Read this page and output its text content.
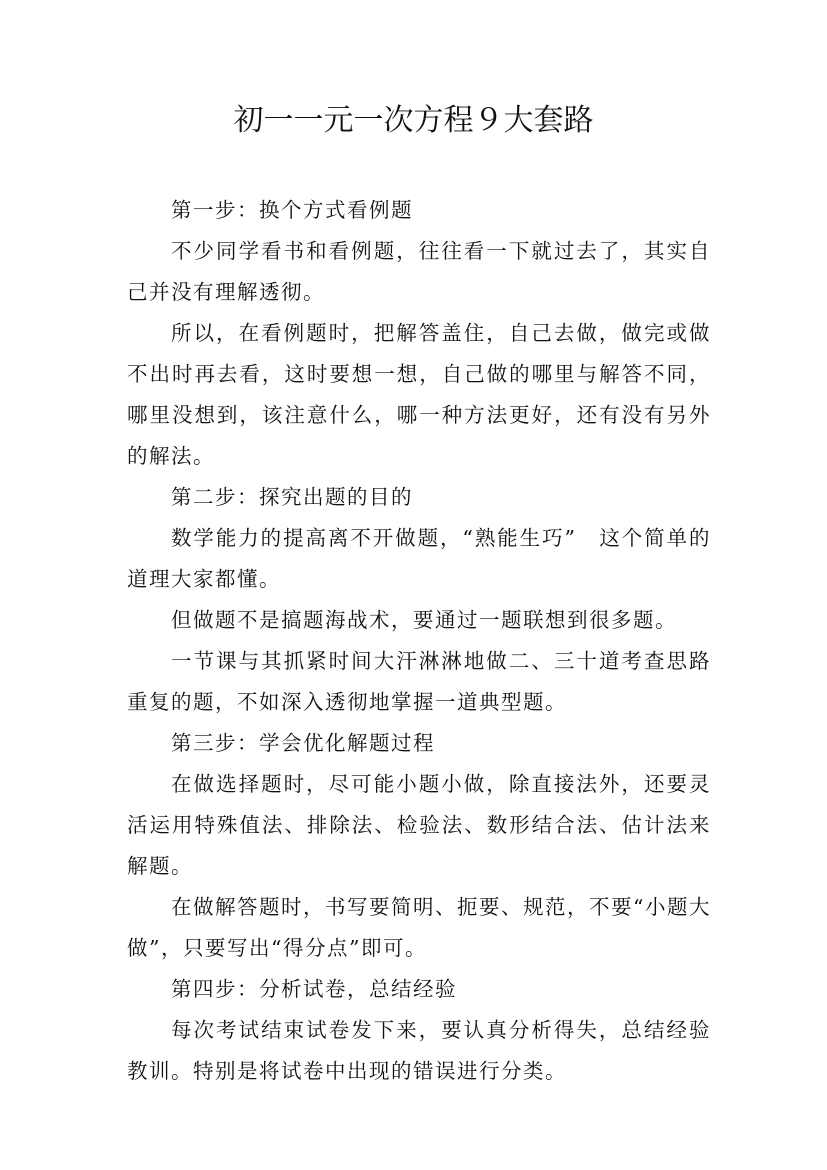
初一一元一次方程９大套路

第一步：换个方式看例题

不少同学看书和看例题，往往看一下就过去了，其实自己并没有理解透彻。

所以，在看例题时，把解答盖住，自己去做，做完或做不出时再去看，这时要想一想，自己做的哪里与解答不同，哪里没想到，该注意什么，哪一种方法更好，还有没有另外的解法。

第二步：探究出题的目的

数学能力的提高离不开做题，“熟能生巧”　这个简单的道理大家都懂。

但做题不是搞题海战术，要通过一题联想到很多题。

一节课与其抓紧时间大汗淋淋地做二、三十道考查思路重复的题，不如深入透彻地掌握一道典型题。

第三步：学会优化解题过程

在做选择题时，尽可能小题小做，除直接法外，还要灵活运用特殊值法、排除法、检验法、数形结合法、估计法来解题。

在做解答题时，书写要简明、扼要、规范，不要“小题大做”，只要写出“得分点”即可。

第四步：分析试卷，总结经验

每次考试结束试卷发下来，要认真分析得失，总结经验教训。特别是将试卷中出现的错误进行分类。
